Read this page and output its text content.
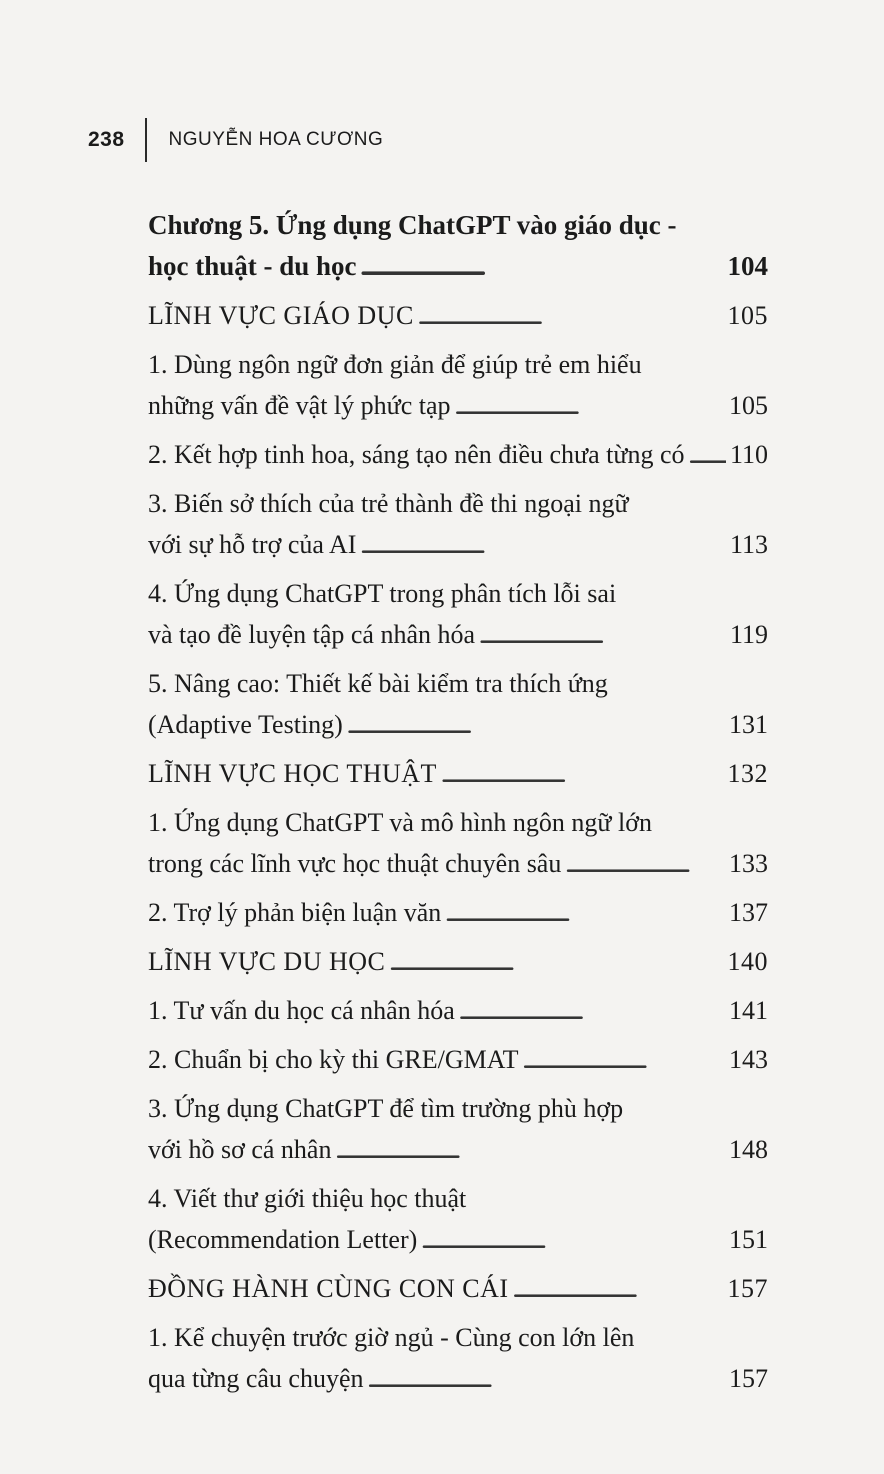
238 NGUYỄN HOA CƯƠNG
Chương 5. Ứng dụng ChatGPT vào giáo dục -
học thuật - du học . . .	104
LĨNH VỰC GIÁO DỤC . . .	105
1. Dùng ngôn ngữ đơn giản để giúp trẻ em hiểu
những vấn đề vật lý phức tạp . . .	105
2. Kết hợp tinh hoa, sáng tạo nên điều chưa từng có . . . 110
3. Biến sở thích của trẻ thành đề thi ngoại ngữ
với sự hỗ trợ của AI . . .	113
4. Ứng dụng ChatGPT trong phân tích lỗi sai
và tạo đề luyện tập cá nhân hóa . . .	119
5. Nâng cao: Thiết kế bài kiểm tra thích ứng
(Adaptive Testing) . . .	131
LĨNH VỰC HỌC THUẬT . . .	132
1. Ứng dụng ChatGPT và mô hình ngôn ngữ lớn
trong các lĩnh vực học thuật chuyên sâu . . .	133
2. Trợ lý phản biện luận văn . . .	137
LĨNH VỰC DU HỌC . . .	140
1. Tư vấn du học cá nhân hóa . . .	141
2. Chuẩn bị cho kỳ thi GRE/GMAT . . .	143
3. Ứng dụng ChatGPT để tìm trường phù hợp
với hồ sơ cá nhân . . .	148
4. Viết thư giới thiệu học thuật
(Recommendation Letter) . . .	151
ĐỒNG HÀNH CÙNG CON CÁI . . .	157
1. Kể chuyện trước giờ ngủ - Cùng con lớn lên
qua từng câu chuyện . . .	157
